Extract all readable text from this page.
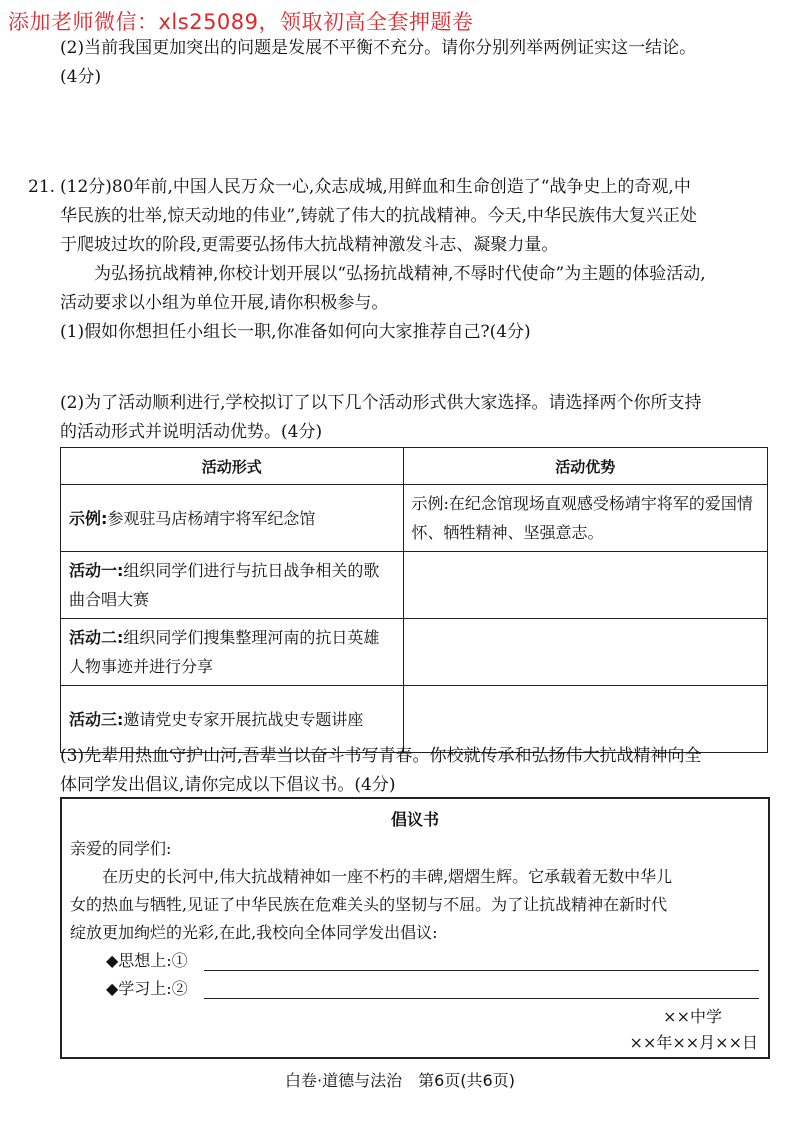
添加老师微信：xls25089，领取初高全套押题卷
(2)当前我国更加突出的问题是发展不平衡不充分。请你分别列举两例证实这一结论。
(4分)
21. (12分)80年前,中国人民万众一心,众志成城,用鲜血和生命创造了“战争史上的奇观,中
华民族的壮举,惊天动地的伟业”,铸就了伟大的抗战精神。今天,中华民族伟大复兴正处
于爬坡过坎的阶段,更需要弘扬伟大抗战精神激发斗志、凝聚力量。
为弘扬抗战精神,你校计划开展以“弘扬抗战精神,不辱时代使命”为主题的体验活动,
活动要求以小组为单位开展,请你积极参与。
(1)假如你想担任小组长一职,你准备如何向大家推荐自己?(4分)
(2)为了活动顺利进行,学校拟订了以下几个活动形式供大家选择。请选择两个你所支持
的活动形式并说明活动优势。(4分)
活动形式	活动优势
示例:参观驻马店杨靖宇将军纪念馆	示例:在纪念馆现场直观感受杨靖宇将军的爱国情怀、牺牲精神、坚强意志。
活动一:组织同学们进行与抗日战争相关的歌曲合唱大赛	
活动二:组织同学们搜集整理河南的抗日英雄人物事迹并进行分享	
活动三:邀请党史专家开展抗战史专题讲座	
(3)先辈用热血守护山河,吾辈当以奋斗书写青春。你校就传承和弘扬伟大抗战精神向全
体同学发出倡议,请你完成以下倡议书。(4分)
倡议书
亲爱的同学们:
在历史的长河中,伟大抗战精神如一座不朽的丰碑,熠熠生辉。它承载着无数中华儿
女的热血与牺牲,见证了中华民族在危难关头的坚韧与不屈。为了让抗战精神在新时代
绽放更加绚烂的光彩,在此,我校向全体同学发出倡议:
◆思想上:①
◆学习上:②
××中学
××年××月××日
白卷·道德与法治　第6页(共6页)
